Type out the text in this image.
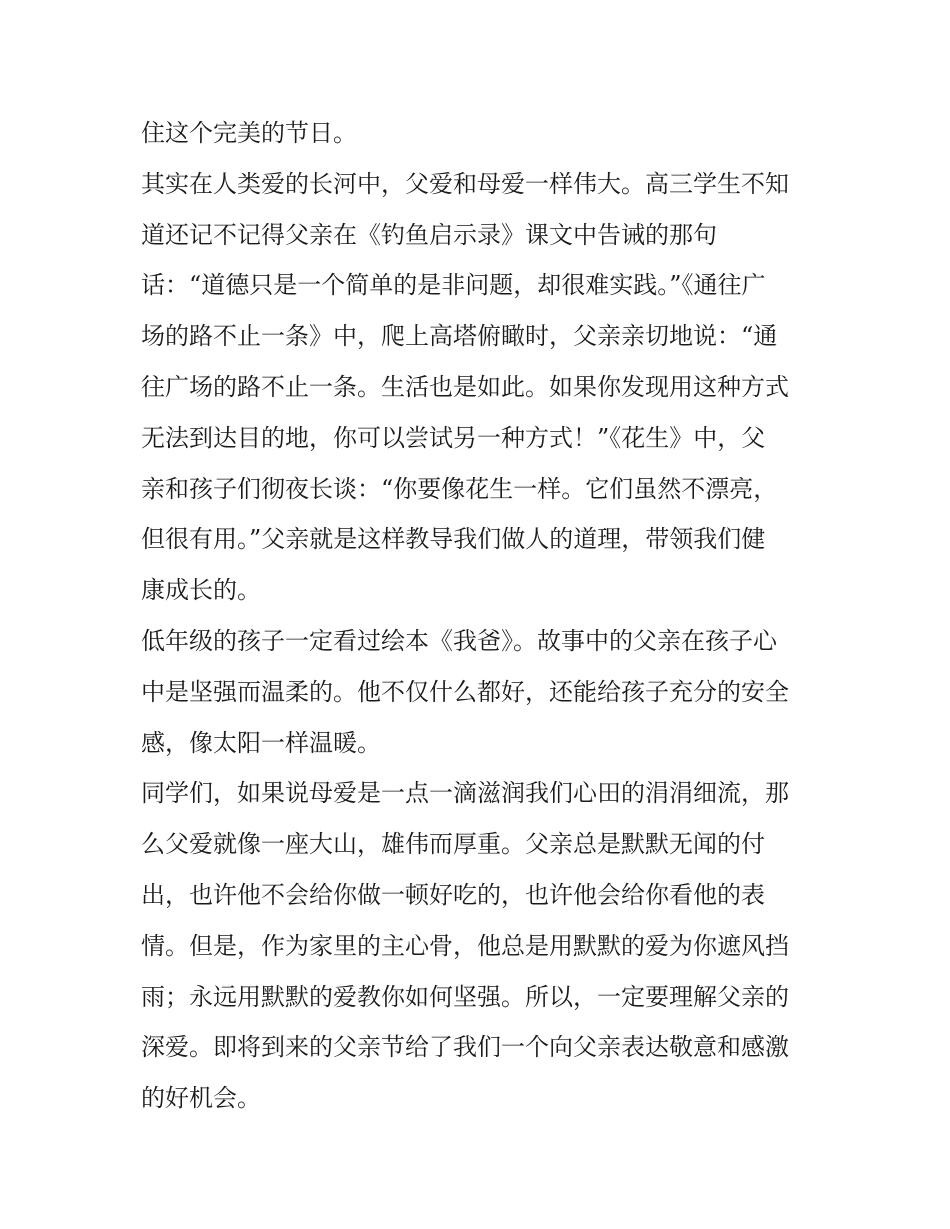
住这个完美的节日。

其实在人类爱的长河中，父爱和母爱一样伟大。高三学生不知

道还记不记得父亲在《钓鱼启示录》课文中告诫的那句

话：“道德只是一个简单的是非问题，却很难实践。”《通往广

场的路不止一条》中，爬上高塔俯瞰时，父亲亲切地说：“通

往广场的路不止一条。生活也是如此。如果你发现用这种方式

无法到达目的地，你可以尝试另一种方式！”《花生》中，父

亲和孩子们彻夜长谈：“你要像花生一样。它们虽然不漂亮，

但很有用。”父亲就是这样教导我们做人的道理，带领我们健

康成长的。

低年级的孩子一定看过绘本《我爸》。故事中的父亲在孩子心

中是坚强而温柔的。他不仅什么都好，还能给孩子充分的安全

感，像太阳一样温暖。

同学们，如果说母爱是一点一滴滋润我们心田的涓涓细流，那

么父爱就像一座大山，雄伟而厚重。父亲总是默默无闻的付

出，也许他不会给你做一顿好吃的，也许他会给你看他的表

情。但是，作为家里的主心骨，他总是用默默的爱为你遮风挡

雨；永远用默默的爱教你如何坚强。所以，一定要理解父亲的

深爱。即将到来的父亲节给了我们一个向父亲表达敬意和感激

的好机会。
